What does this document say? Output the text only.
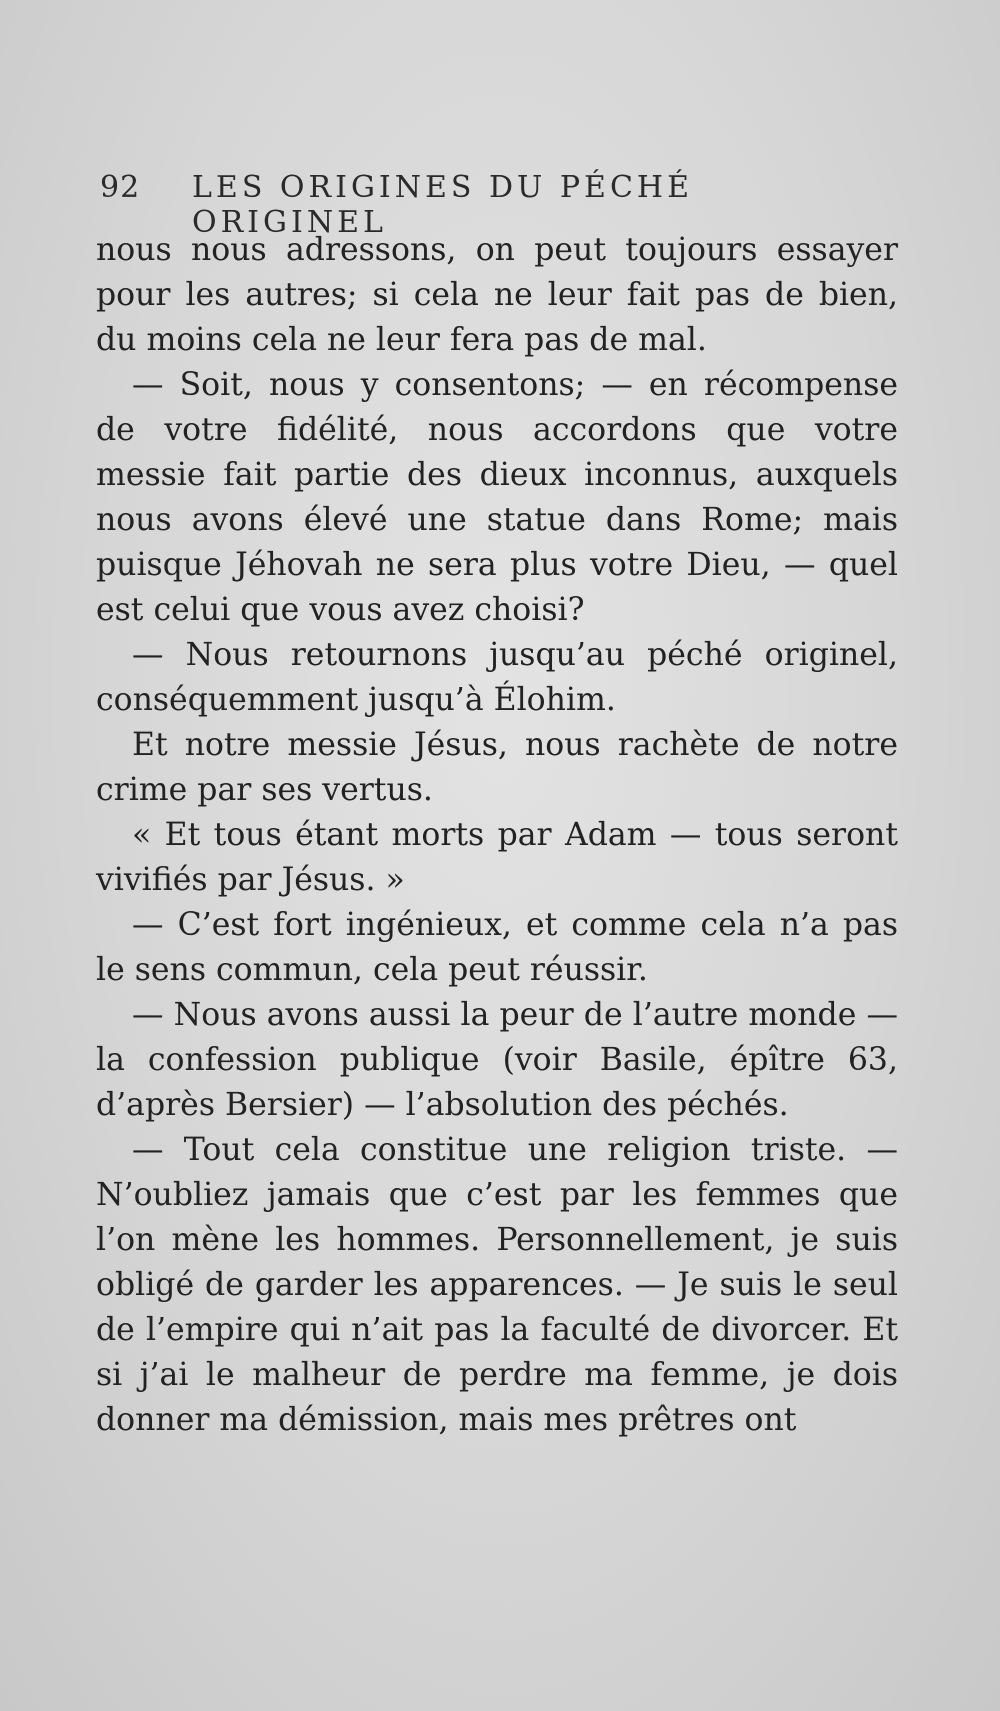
92 LES ORIGINES DU PÉCHÉ ORIGINEL

nous nous adressons, on peut toujours essayer pour les autres; si cela ne leur fait pas de bien, du moins cela ne leur fera pas de mal.

— Soit, nous y consentons; — en récompense de votre fidélité, nous accordons que votre messie fait partie des dieux inconnus, auxquels nous avons élevé une statue dans Rome; mais puisque Jéhovah ne sera plus votre Dieu, — quel est celui que vous avez choisi?

— Nous retournons jusqu’au péché originel, conséquemment jusqu’à Élohim.

Et notre messie Jésus, nous rachète de notre crime par ses vertus.

« Et tous étant morts par Adam — tous seront vivifiés par Jésus. »

— C’est fort ingénieux, et comme cela n’a pas le sens commun, cela peut réussir.

— Nous avons aussi la peur de l’autre monde — la confession publique (voir Basile, épître 63, d’après Bersier) — l’absolution des péchés.

— Tout cela constitue une religion triste. — N’oubliez jamais que c’est par les femmes que l’on mène les hommes. Personnellement, je suis obligé de garder les apparences. — Je suis le seul de l’empire qui n’ait pas la faculté de divorcer. Et si j’ai le malheur de perdre ma femme, je dois donner ma démission, mais mes prêtres ont
